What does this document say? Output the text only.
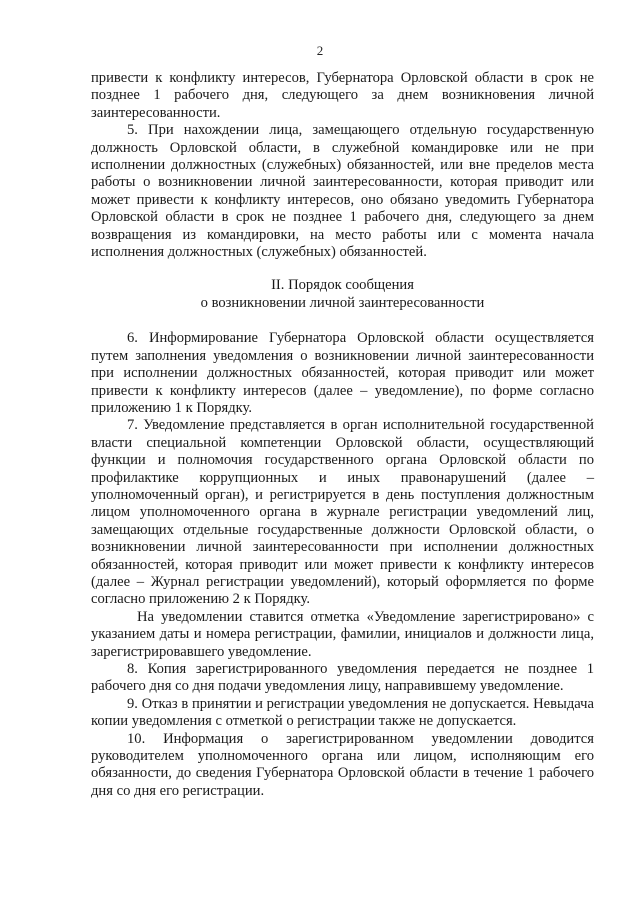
2

привести к конфликту интересов, Губернатора Орловской области в срок не позднее 1 рабочего дня, следующего за днем возникновения личной заинтересованности.

5. При нахождении лица, замещающего отдельную государственную должность Орловской области, в служебной командировке или не при исполнении должностных (служебных) обязанностей, или вне пределов места работы о возникновении личной заинтересованности, которая приводит или может привести к конфликту интересов, оно обязано уведомить Губернатора Орловской области в срок не позднее 1 рабочего дня, следующего за днем возвращения из командировки, на место работы или с момента начала исполнения должностных (служебных) обязанностей.

II. Порядок сообщения
о возникновении личной заинтересованности

6. Информирование Губернатора Орловской области осуществляется путем заполнения уведомления о возникновении личной заинтересованности при исполнении должностных обязанностей, которая приводит или может привести к конфликту интересов (далее – уведомление), по форме согласно приложению 1 к Порядку.

7. Уведомление представляется в орган исполнительной государственной власти специальной компетенции Орловской области, осуществляющий функции и полномочия государственного органа Орловской области по профилактике коррупционных и иных правонарушений (далее – уполномоченный орган), и регистрируется в день поступления должностным лицом уполномоченного органа в журнале регистрации уведомлений лиц, замещающих отдельные государственные должности Орловской области, о возникновении личной заинтересованности при исполнении должностных обязанностей, которая приводит или может привести к конфликту интересов (далее – Журнал регистрации уведомлений), который оформляется по форме согласно приложению 2 к Порядку.

На уведомлении ставится отметка «Уведомление зарегистрировано» с указанием даты и номера регистрации, фамилии, инициалов и должности лица, зарегистрировавшего уведомление.

8. Копия зарегистрированного уведомления передается не позднее 1 рабочего дня со дня подачи уведомления лицу, направившему уведомление.

9. Отказ в принятии и регистрации уведомления не допускается. Невыдача копии уведомления с отметкой о регистрации также не допускается.

10. Информация о зарегистрированном уведомлении доводится руководителем уполномоченного органа или лицом, исполняющим его обязанности, до сведения Губернатора Орловской области в течение 1 рабочего дня со дня его регистрации.
